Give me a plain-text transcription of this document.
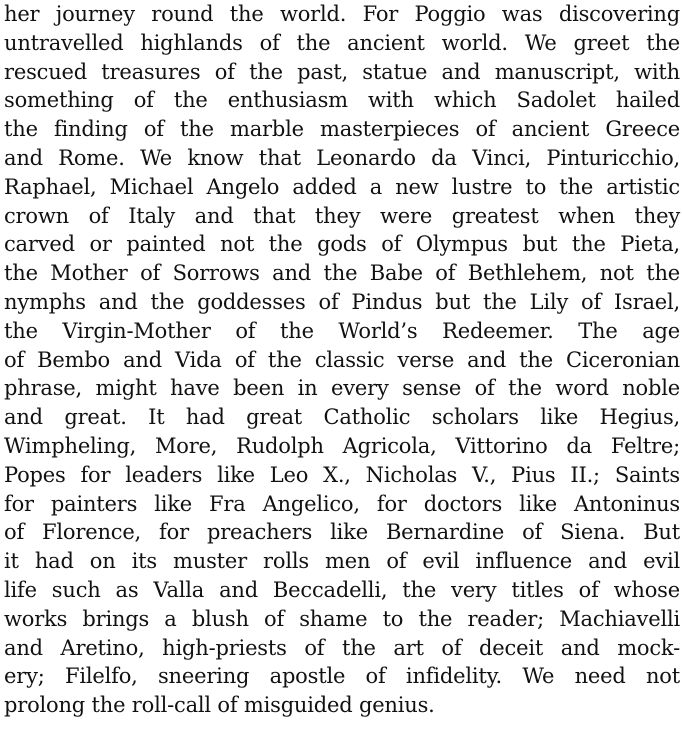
her journey round the world. For Poggio was discovering
untravelled highlands of the ancient world. We greet the
rescued treasures of the past, statue and manuscript, with
something of the enthusiasm with which Sadolet hailed
the finding of the marble masterpieces of ancient Greece
and Rome. We know that Leonardo da Vinci, Pinturicchio,
Raphael, Michael Angelo added a new lustre to the artistic
crown of Italy and that they were greatest when they
carved or painted not the gods of Olympus but the Pieta,
the Mother of Sorrows and the Babe of Bethlehem, not the
nymphs and the goddesses of Pindus but the Lily of Israel,
the Virgin-Mother of the World’s Redeemer. The age
of Bembo and Vida of the classic verse and the Ciceronian
phrase, might have been in every sense of the word noble
and great. It had great Catholic scholars like Hegius,
Wimpheling, More, Rudolph Agricola, Vittorino da Feltre;
Popes for leaders like Leo X., Nicholas V., Pius II.; Saints
for painters like Fra Angelico, for doctors like Antoninus
of Florence, for preachers like Bernardine of Siena. But
it had on its muster rolls men of evil influence and evil
life such as Valla and Beccadelli, the very titles of whose
works brings a blush of shame to the reader; Machiavelli
and Aretino, high-priests of the art of deceit and mock-
ery; Filelfo, sneering apostle of infidelity. We need not
prolong the roll-call of misguided genius.
